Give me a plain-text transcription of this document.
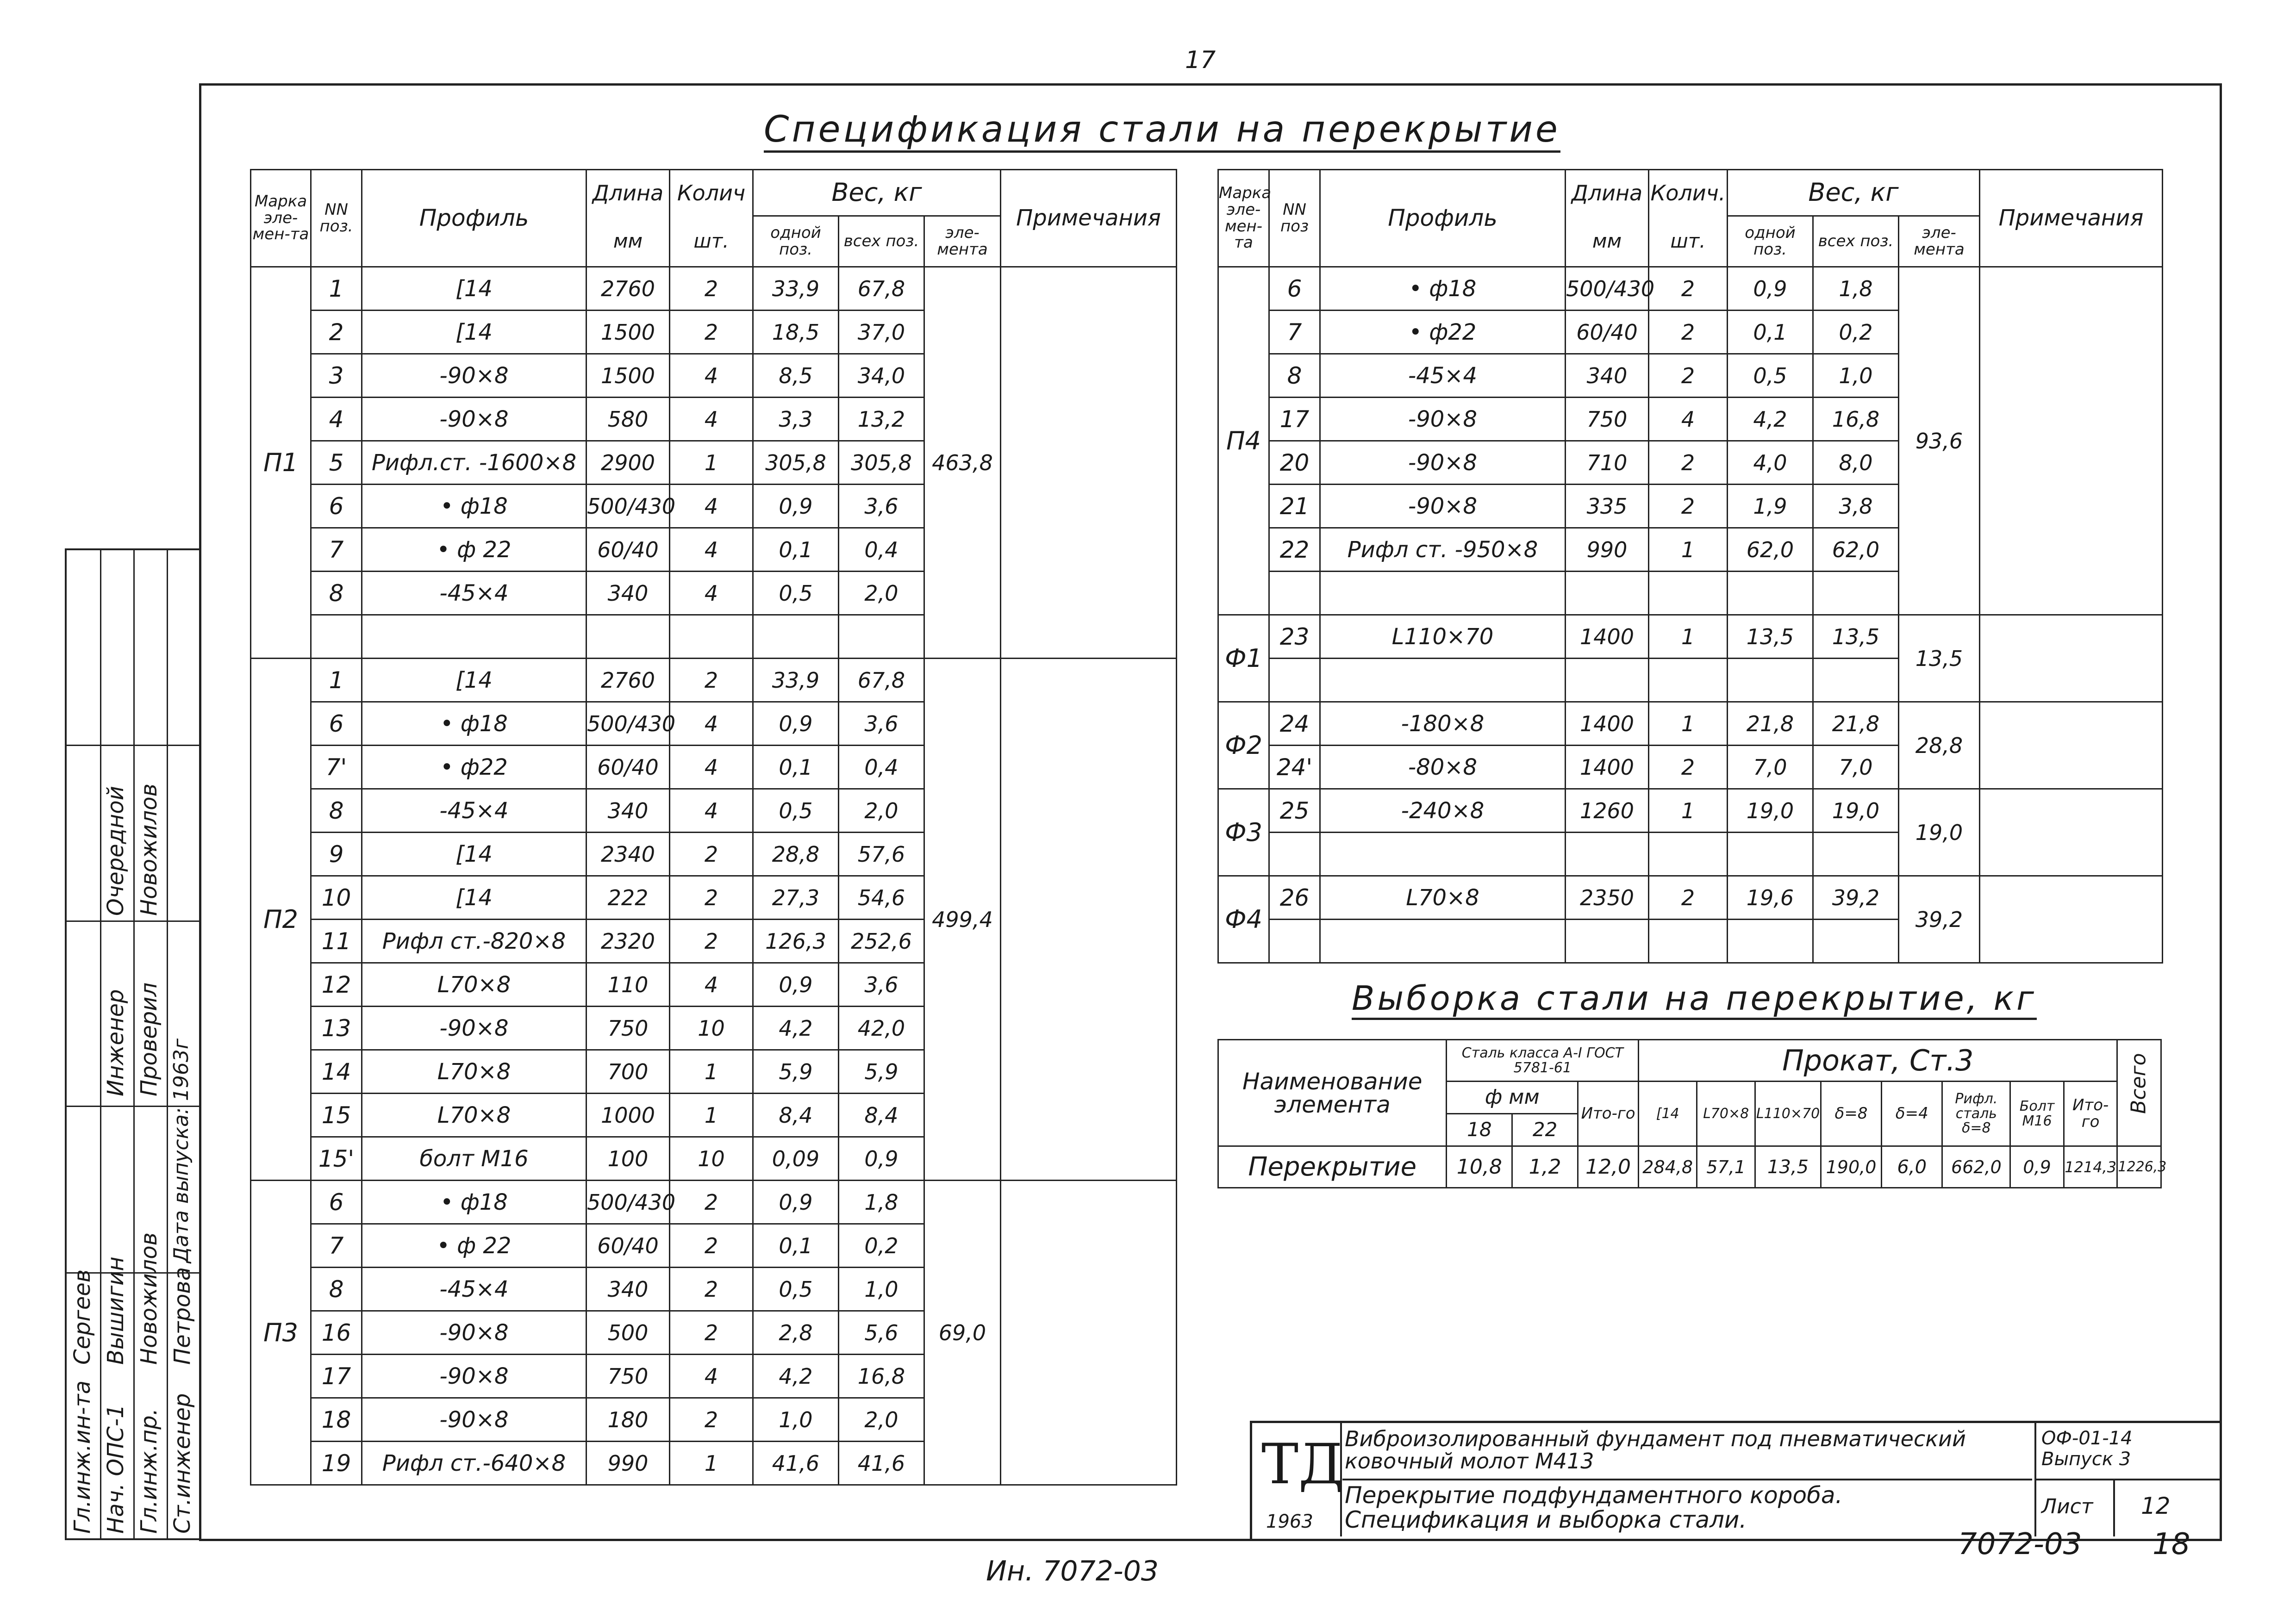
17
Спецификация стали на перекрытие
Марка эле-мен-та	NN поз.	Профиль	Длина	Колич	Вес, кг			Примечания
			мм	шт.	одной поз.	всех поз.	эле-мента	
П1	1	[14	2760	2	33,9	67,8	463,8	
	2	[14	1500	2	18,5	37,0		
	3	-90×8	1500	4	8,5	34,0		
	4	-90×8	580	4	3,3	13,2		
	5	Рифл.ст. -1600×8	2900	1	305,8	305,8		
	6	• ф18	500/430	4	0,9	3,6		
	7	• ф 22	60/40	4	0,1	0,4		
	8	-45×4	340	4	0,5	2,0		

П2	1	[14	2760	2	33,9	67,8	499,4	
	6	• ф18	500/430	4	0,9	3,6		
	7'	• ф22	60/40	4	0,1	0,4		
	8	-45×4	340	4	0,5	2,0		
	9	[14	2340	2	28,8	57,6		
	10	[14	222	2	27,3	54,6		
	11	Рифл ст.-820×8	2320	2	126,3	252,6		
	12	L70×8	110	4	0,9	3,6		
	13	-90×8	750	10	4,2	42,0		
	14	L70×8	700	1	5,9	5,9		
	15	L70×8	1000	1	8,4	8,4		
	15'	болт М16	100	10	0,09	0,9		
П3	6	• ф18	500/430	2	0,9	1,8	69,0	
	7	• ф 22	60/40	2	0,1	0,2		
	8	-45×4	340	2	0,5	1,0		
	16	-90×8	500	2	2,8	5,6		
	17	-90×8	750	4	4,2	16,8		
	18	-90×8	180	2	1,0	2,0		
	19	Рифл ст.-640×8	990	1	41,6	41,6		
Марка эле-мен-та	NN поз	Профиль	Длина	Колич.	Вес, кг			Примечания
			мм	шт.	одной поз.	всех поз.	эле-мента	
П4	6	• ф18	500/430	2	0,9	1,8	93,6	
	7	• ф22	60/40	2	0,1	0,2		
	8	-45×4	340	2	0,5	1,0		
	17	-90×8	750	4	4,2	16,8		
	20	-90×8	710	2	4,0	8,0		
	21	-90×8	335	2	1,9	3,8		
	22	Рифл ст. -950×8	990	1	62,0	62,0		

Ф1	23	L110×70	1400	1	13,5	13,5	13,5	

Ф2	24	-180×8	1400	1	21,8	21,8	28,8	
	24'	-80×8	1400	2	7,0	7,0		
Ф3	25	-240×8	1260	1	19,0	19,0	19,0	

Ф4	26	L70×8	2350	2	19,6	39,2	39,2	

Выборка стали на перекрытие, кг
Наименование элемента	Сталь класса А-I ГОСТ 5781-61			Прокат, Ст.3								Всего

	ф мм		Ито-го	[14	L70×8	L110×70	δ=8	δ=4	Рифл. сталь δ=8	Болт М16	Ито-го	
	18	22										
Перекрытие	10,8	1,2	12,0	284,8	57,1	13,5	190,0	6,0	662,0	0,9	1214,3	1226,3
ТД
1963
Виброизолированный фундамент под пневматический ковочный молот М413
Перекрытие подфундаментного короба. Спецификация и выборка стали.
ОФ-01-14
Выпуск 3
Лист 12
Гл.инж.ин-та Нач. ОПС-1 Гл.инж.пр. Ст.инженер
Сергеев Вышигин Новожилов Петрова
Дата выпуска: 1963г
Инженер Проверил
Очередной Новожилов
Ин. 7072-03
7072-03 18
